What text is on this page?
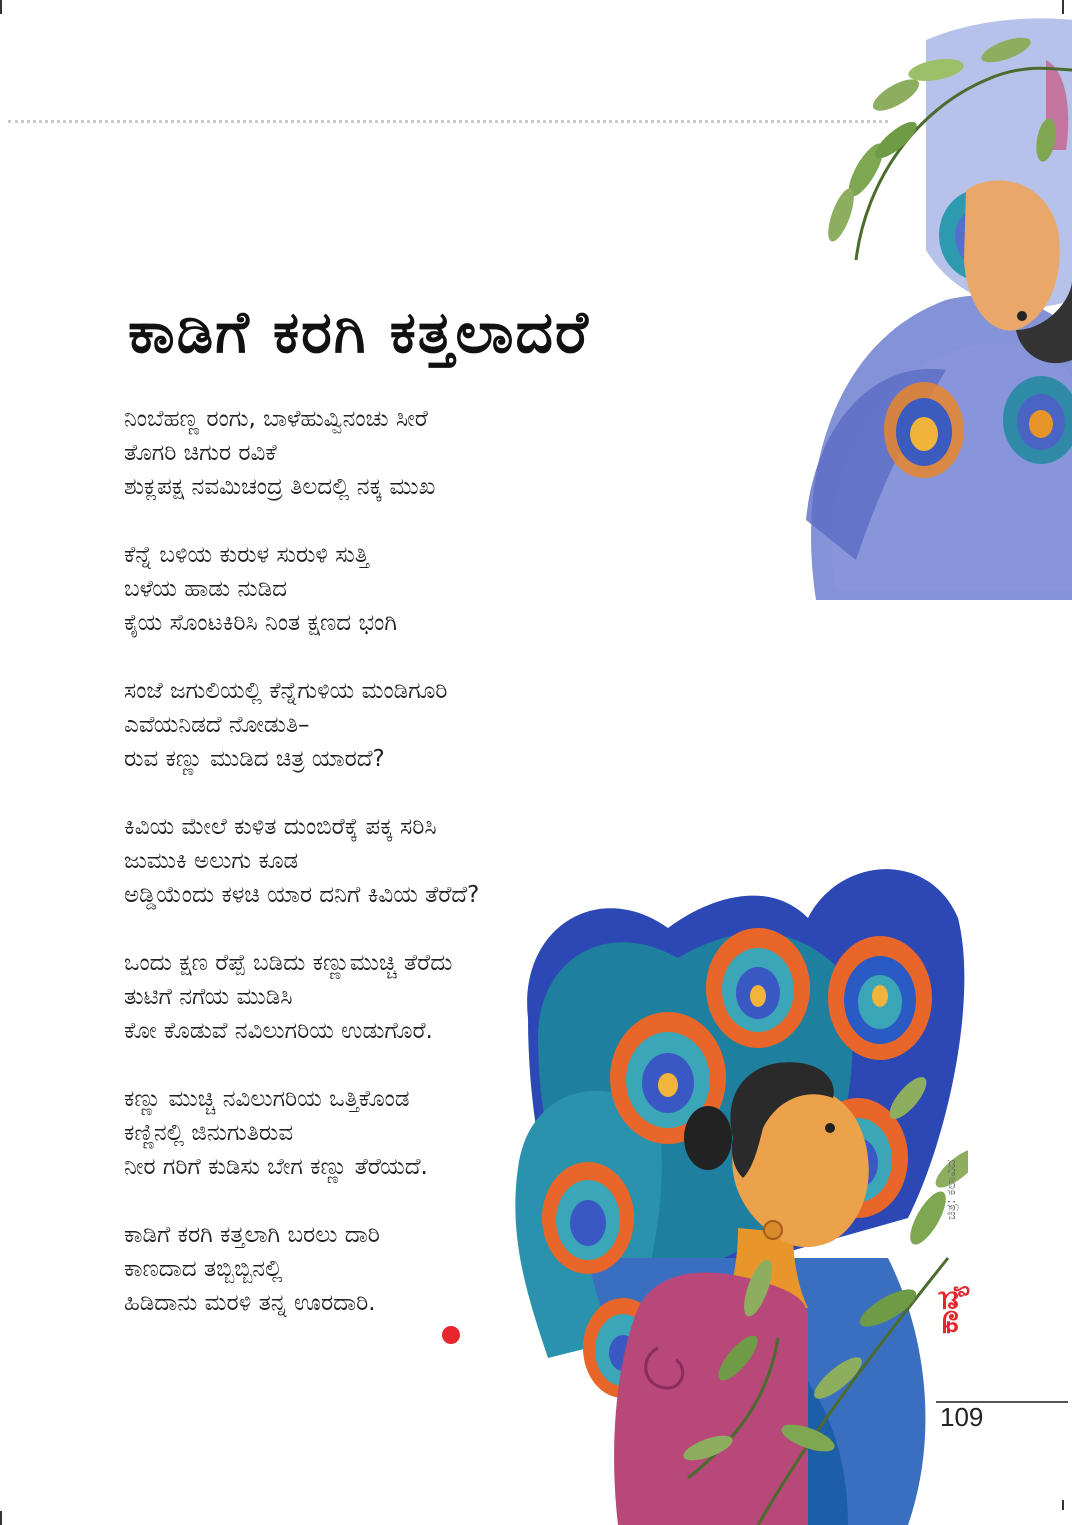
ಕಾಡಿಗೆ ಕರಗಿ ಕತ್ತಲಾದರೆ
ನಿಂಬೆಹಣ್ಣ ರಂಗು, ಬಾಳೆಹುವ್ವಿನಂಚು ಸೀರೆ
ತೊಗರಿ ಚಿಗುರ ರವಿಕೆ
ಶುಕ್ಲಪಕ್ಷ ನವಮಿಚಂದ್ರ ತಿಲದಲ್ಲಿ ನಕ್ಕ ಮುಖ
ಕೆನ್ನೆ ಬಳಿಯ ಕುರುಳ ಸುರುಳಿ ಸುತ್ತಿ
ಬಳೆಯ ಹಾಡು ನುಡಿದ
ಕೈಯ ಸೊಂಟಕಿರಿಸಿ ನಿಂತ ಕ್ಷಣದ ಭಂಗಿ
ಸಂಜೆ ಜಗುಲಿಯಲ್ಲಿ ಕೆನ್ನೆಗುಳಿಯ ಮಂಡಿಗೂರಿ
ಎವೆಯನಿಡದೆ ನೋಡುತಿ–
ರುವ ಕಣ್ಣು ಮುಡಿದ ಚಿತ್ರ ಯಾರದೆ?
ಕಿವಿಯ ಮೇಲೆ ಕುಳಿತ ದುಂಬಿರೆಕ್ಕೆ ಪಕ್ಕ ಸರಿಸಿ
ಜುಮುಕಿ ಅಲುಗು ಕೂಡ
ಅಡ್ಡಿಯೆಂದು ಕಳಚಿ ಯಾರ ದನಿಗೆ ಕಿವಿಯ ತೆರೆದೆ?
ಒಂದು ಕ್ಷಣ ರೆಪ್ಪೆ ಬಡಿದು ಕಣ್ಣುಮುಚ್ಚಿ ತೆರೆದು
ತುಟಿಗೆ ನಗೆಯ ಮುಡಿಸಿ
ಕೋ ಕೊಡುವೆ ನವಿಲುಗರಿಯ ಉಡುಗೊರೆ.
ಕಣ್ಣು ಮುಚ್ಚಿ ನವಿಲುಗರಿಯ ಒತ್ತಿಕೊಂಡ
ಕಣ್ಣಿನಲ್ಲಿ ಜಿನುಗುತಿರುವ
ನೀರ ಗರಿಗೆ ಕುಡಿಸು ಬೇಗ ಕಣ್ಣು ತೆರೆಯದೆ.
ಕಾಡಿಗೆ ಕರಗಿ ಕತ್ತಲಾಗಿ ಬರಲು ದಾರಿ
ಕಾಣದಾದ ತಬ್ಬಿಬ್ಬಿನಲ್ಲಿ
ಹಿಡಿದಾನು ಮರಳಿ ತನ್ನ ಊರದಾರಿ.
ಚಿತ್ರ: ಕಲಾವಿದ
ಕಾವ್ಯ
109
